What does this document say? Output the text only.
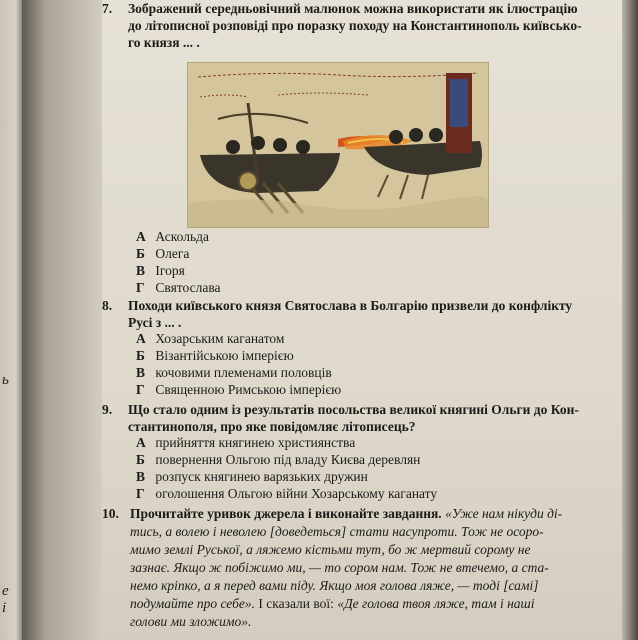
ь
е
і
7. Зображений середньовічний малюнок можна використати як ілюстрацію
до літописної розповіді про поразку походу на Константинополь київсько-
го князя ... .
А Аскольда
Б Олега
В Ігоря
Г Святослава
8. Походи київського князя Святослава в Болгарію призвели до конфлікту
Русі з ... .
А Хозарським каганатом
Б Візантійською імперією
В кочовими племенами половців
Г Священною Римською імперією
9. Що стало одним із результатів посольства великої княгині Ольги до Кон-
стантинополя, про яке повідомляє літописець?
А прийняття княгинею християнства
Б повернення Ольгою під владу Києва деревлян
В розпуск княгинею варязьких дружин
Г оголошення Ольгою війни Хозарському каганату
10. Прочитайте уривок джерела і виконайте завдання. «Уже нам нікуди ді-
тись, а волею і неволею [доведеться] стати насупроти. Тож не осоро-
мимо землі Руської, а ляжемо кістьми тут, бо ж мертвий сорому не
зазнає. Якщо ж побіжимо ми, — то сором нам. Тож не втечемо, а ста-
немо кріпко, а я перед вами піду. Якщо моя голова ляже, — тоді [самі]
подумайте про себе». І сказали вої: «Де голова твоя ляже, там і наші
голови ми зложимо».
